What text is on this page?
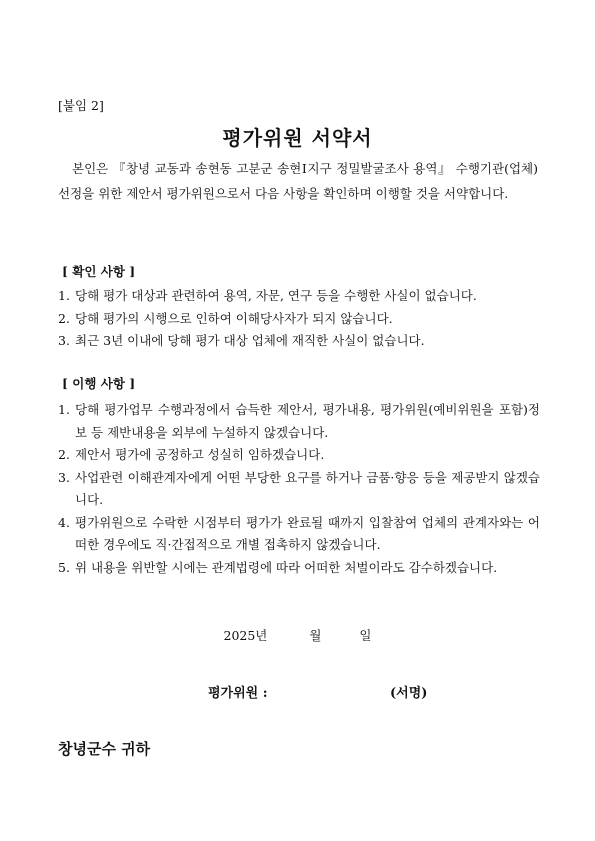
[붙임 2]
평가위원 서약서
본인은 『창녕 교동과 송현동 고분군 송현Ⅰ지구 정밀발굴조사 용역』 수행기관(업체) 선정을 위한 제안서 평가위원으로서 다음 사항을 확인하며 이행할 것을 서약합니다.
[ 확인 사항 ]
1. 당해 평가 대상과 관련하여 용역, 자문, 연구 등을 수행한 사실이 없습니다.
2. 당해 평가의 시행으로 인하여 이해당사자가 되지 않습니다.
3. 최근 3년 이내에 당해 평가 대상 업체에 재직한 사실이 없습니다.
[ 이행 사항 ]
1. 당해 평가업무 수행과정에서 습득한 제안서, 평가내용, 평가위원(예비위원을 포함)정보 등 제반내용을 외부에 누설하지 않겠습니다.
2. 제안서 평가에 공정하고 성실히 임하겠습니다.
3. 사업관련 이해관계자에게 어떤 부당한 요구를 하거나 금품·향응 등을 제공받지 않겠습니다.
4. 평가위원으로 수락한 시점부터 평가가 완료될 때까지 입찰참여 업체의 관계자와는 어떠한 경우에도 직·간접적으로 개별 접촉하지 않겠습니다.
5. 위 내용을 위반할 시에는 관계법령에 따라 어떠한 처벌이라도 감수하겠습니다.
2025년	월	일
평가위원 :	(서명)
창녕군수 귀하
